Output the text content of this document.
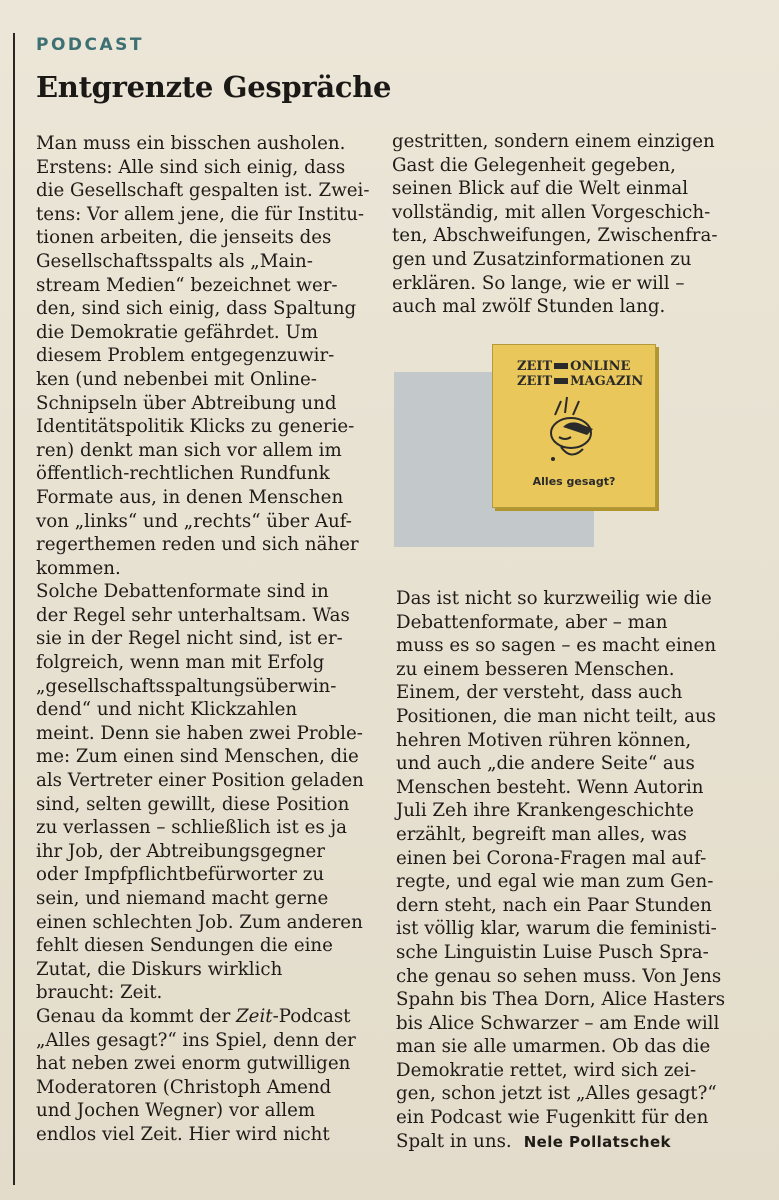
PODCAST
Entgrenzte Gespräche
Man muss ein bisschen ausholen.
Erstens: Alle sind sich einig, dass
die Gesellschaft gespalten ist. Zwei-
tens: Vor allem jene, die für Institu-
tionen arbeiten, die jenseits des
Gesellschaftsspalts als „Main-
stream Medien“ bezeichnet wer-
den, sind sich einig, dass Spaltung
die Demokratie gefährdet. Um
diesem Problem entgegenzuwir-
ken (und nebenbei mit Online-
Schnipseln über Abtreibung und
Identitätspolitik Klicks zu generie-
ren) denkt man sich vor allem im
öffentlich-rechtlichen Rundfunk
Formate aus, in denen Menschen
von „links“ und „rechts“ über Auf-
regerthemen reden und sich näher
kommen.
Solche Debattenformate sind in
der Regel sehr unterhaltsam. Was
sie in der Regel nicht sind, ist er-
folgreich, wenn man mit Erfolg
„gesellschaftsspaltungsüberwin-
dend“ und nicht Klickzahlen
meint. Denn sie haben zwei Proble-
me: Zum einen sind Menschen, die
als Vertreter einer Position geladen
sind, selten gewillt, diese Position
zu verlassen – schließlich ist es ja
ihr Job, der Abtreibungsgegner
oder Impfpflichtbefürworter zu
sein, und niemand macht gerne
einen schlechten Job. Zum anderen
fehlt diesen Sendungen die eine
Zutat, die Diskurs wirklich
braucht: Zeit.
Genau da kommt der Zeit-Podcast
„Alles gesagt?“ ins Spiel, denn der
hat neben zwei enorm gutwilligen
Moderatoren (Christoph Amend
und Jochen Wegner) vor allem
endlos viel Zeit. Hier wird nicht
gestritten, sondern einem einzigen
Gast die Gelegenheit gegeben,
seinen Blick auf die Welt einmal
vollständig, mit allen Vorgeschich-
ten, Abschweifungen, Zwischenfra-
gen und Zusatzinformationen zu
erklären. So lange, wie er will –
auch mal zwölf Stunden lang.
ZEIT ONLINE
ZEIT MAGAZIN
Alles gesagt?
Das ist nicht so kurzweilig wie die
Debattenformate, aber – man
muss es so sagen – es macht einen
zu einem besseren Menschen.
Einem, der versteht, dass auch
Positionen, die man nicht teilt, aus
hehren Motiven rühren können,
und auch „die andere Seite“ aus
Menschen besteht. Wenn Autorin
Juli Zeh ihre Krankengeschichte
erzählt, begreift man alles, was
einen bei Corona-Fragen mal auf-
regte, und egal wie man zum Gen-
dern steht, nach ein Paar Stunden
ist völlig klar, warum die feministi-
sche Linguistin Luise Pusch Spra-
che genau so sehen muss. Von Jens
Spahn bis Thea Dorn, Alice Hasters
bis Alice Schwarzer – am Ende will
man sie alle umarmen. Ob das die
Demokratie rettet, wird sich zei-
gen, schon jetzt ist „Alles gesagt?“
ein Podcast wie Fugenkitt für den
Spalt in uns. Nele Pollatschek
